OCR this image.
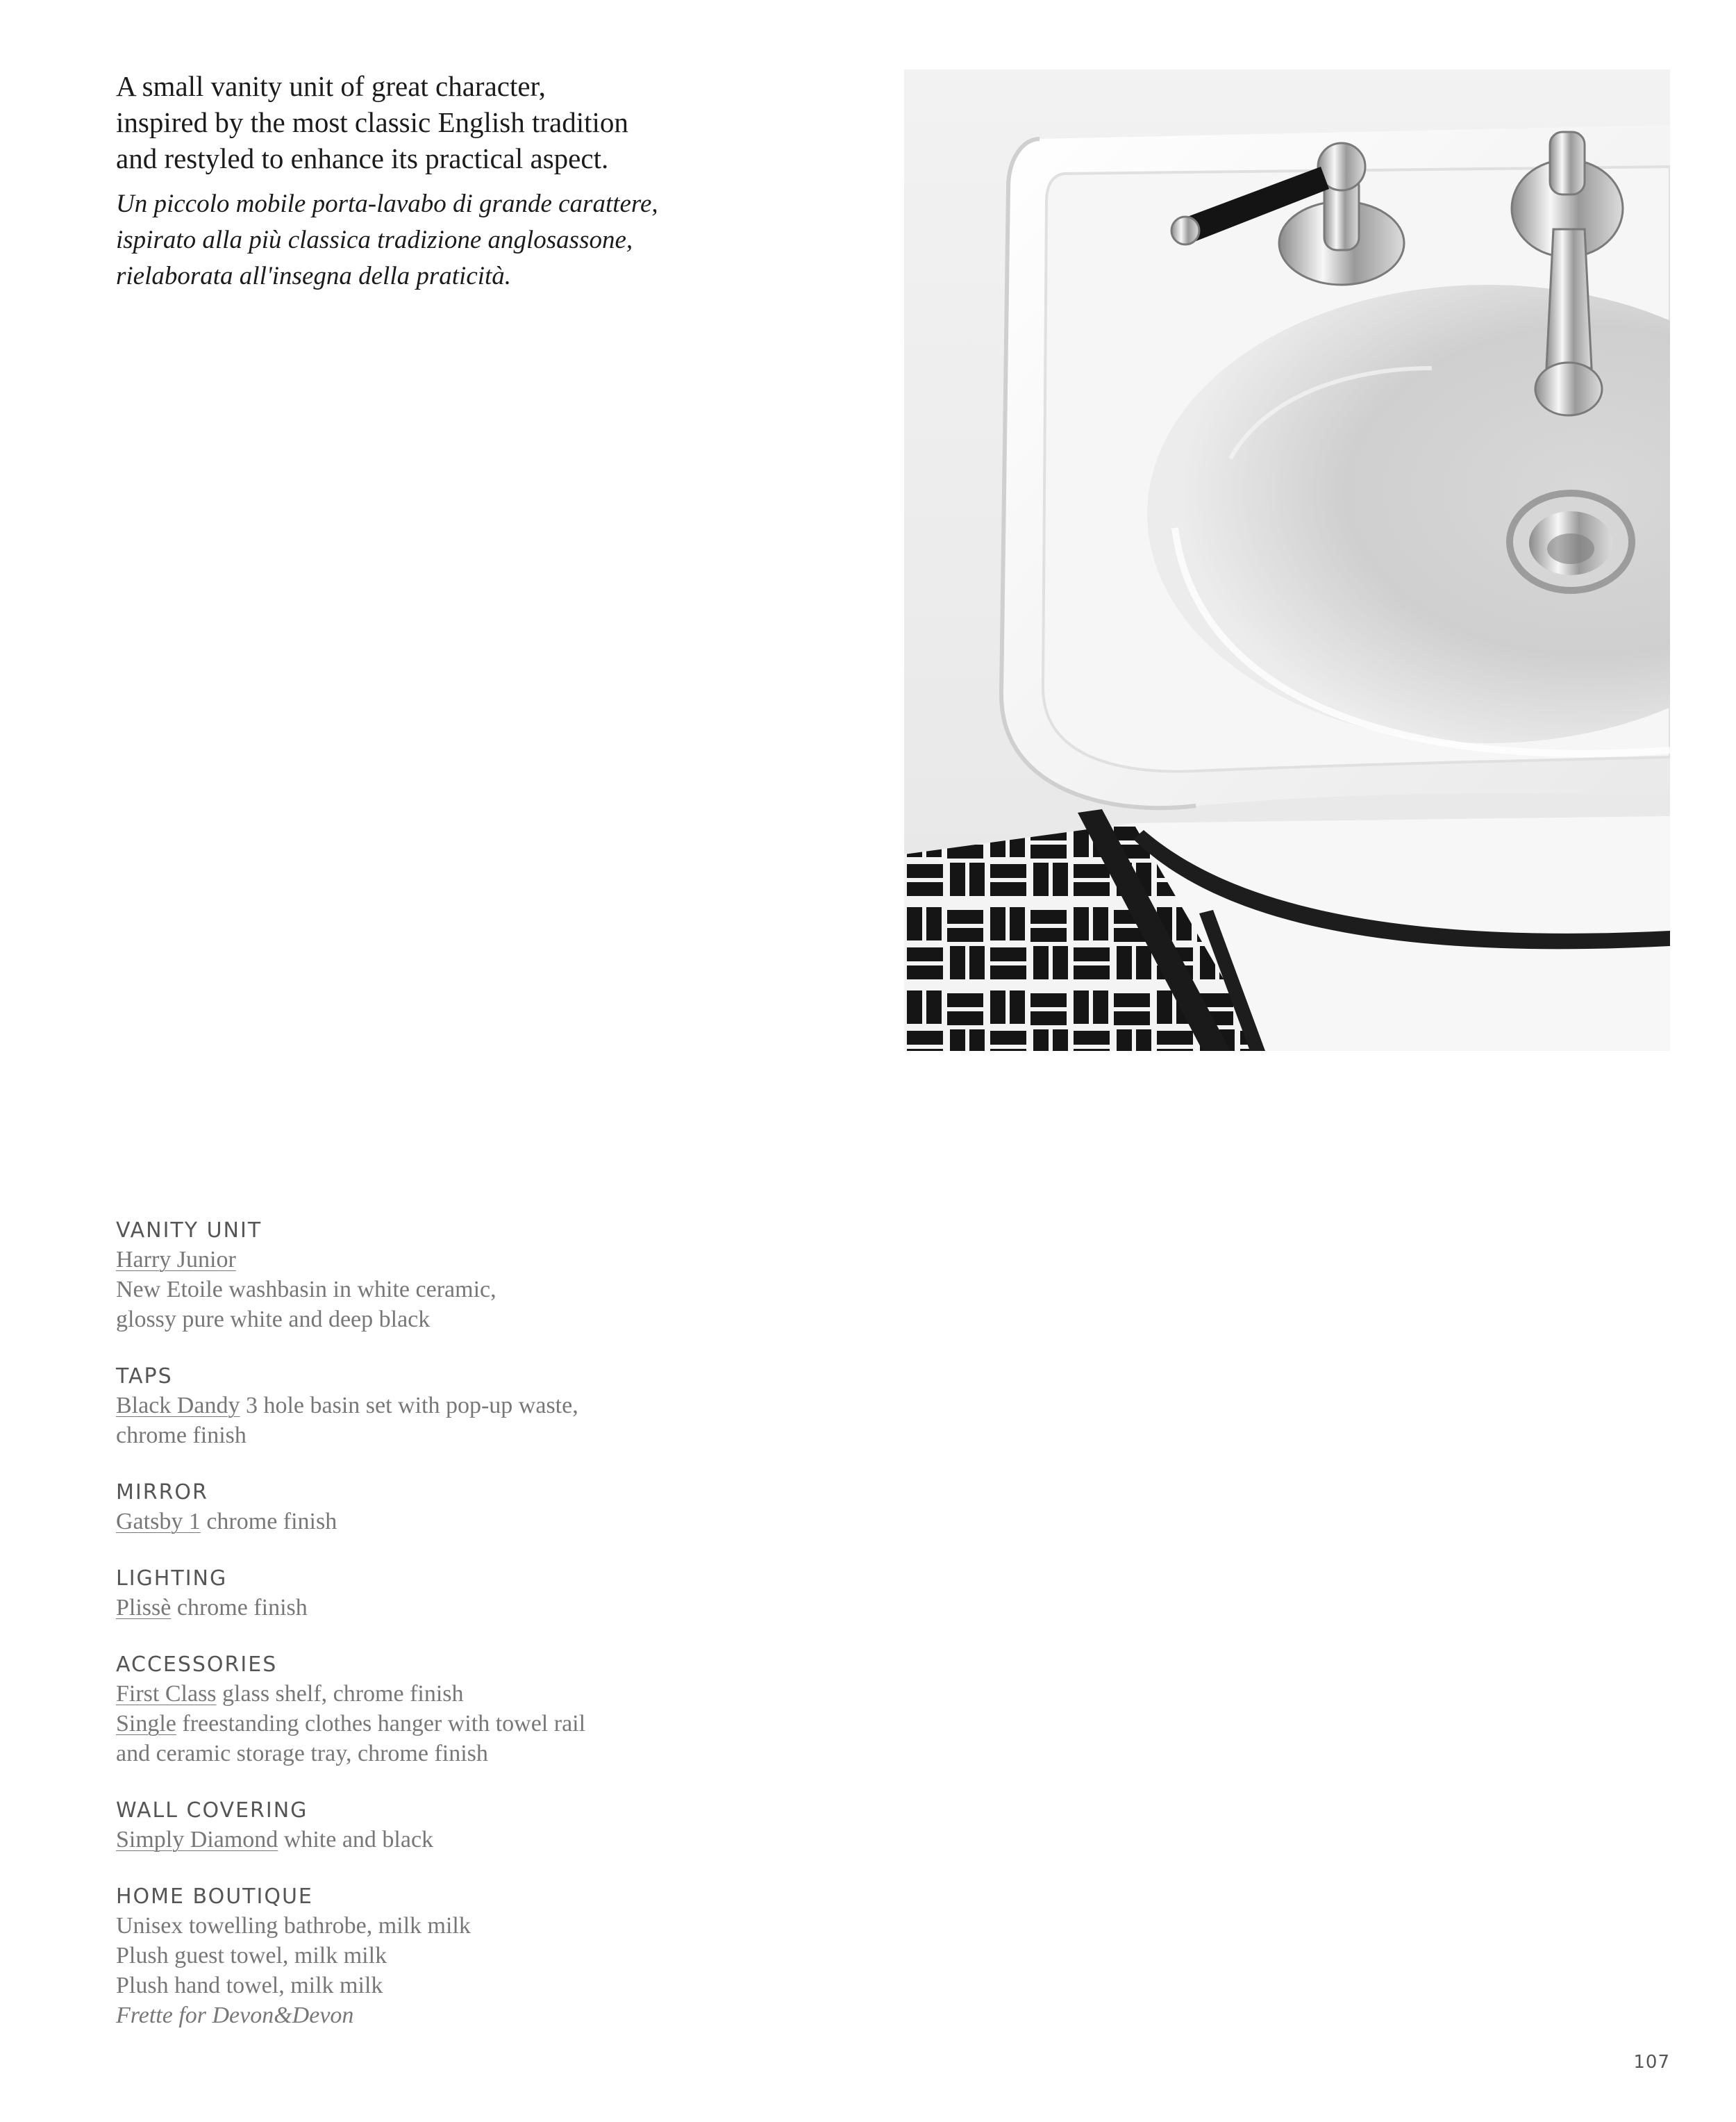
A small vanity unit of great character,
inspired by the most classic English tradition
and restyled to enhance its practical aspect.

Un piccolo mobile porta-lavabo di grande carattere,
ispirato alla più classica tradizione anglosassone,
rielaborata all'insegna della praticità.

VANITY UNIT

Harry Junior

New Etoile washbasin in white ceramic,

glossy pure white and deep black

TAPS

Black Dandy 3 hole basin set with pop-up waste,

chrome finish

MIRROR

Gatsby 1 chrome finish

LIGHTING

Plissè chrome finish

ACCESSORIES

First Class glass shelf, chrome finish

Single freestanding clothes hanger with towel rail

and ceramic storage tray, chrome finish

WALL COVERING

Simply Diamond white and black

HOME BOUTIQUE

Unisex towelling bathrobe, milk milk

Plush guest towel, milk milk

Plush hand towel, milk milk

Frette for Devon&Devon

107
